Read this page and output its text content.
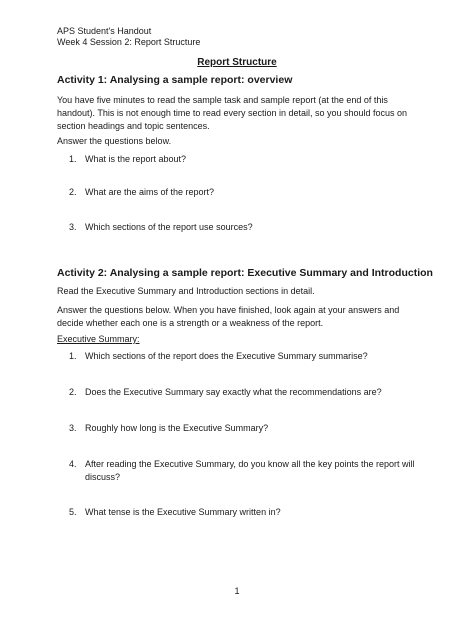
APS Student's Handout

Week 4 Session 2: Report Structure

Report Structure

Activity 1: Analysing a sample report: overview

You have five minutes to read the sample task and sample report (at the end of this handout). This is not enough time to read every section in detail, so you should focus on section headings and topic sentences.

Answer the questions below.

1. What is the report about?
2. What are the aims of the report?
3. Which sections of the report use sources?

Activity 2: Analysing a sample report: Executive Summary and Introduction

Read the Executive Summary and Introduction sections in detail.

Answer the questions below. When you have finished, look again at your answers and decide whether each one is a strength or a weakness of the report.

Executive Summary:

1. Which sections of the report does the Executive Summary summarise?
2. Does the Executive Summary say exactly what the recommendations are?
3. Roughly how long is the Executive Summary?
4. After reading the Executive Summary, do you know all the key points the report will discuss?
5. What tense is the Executive Summary written in?

1
